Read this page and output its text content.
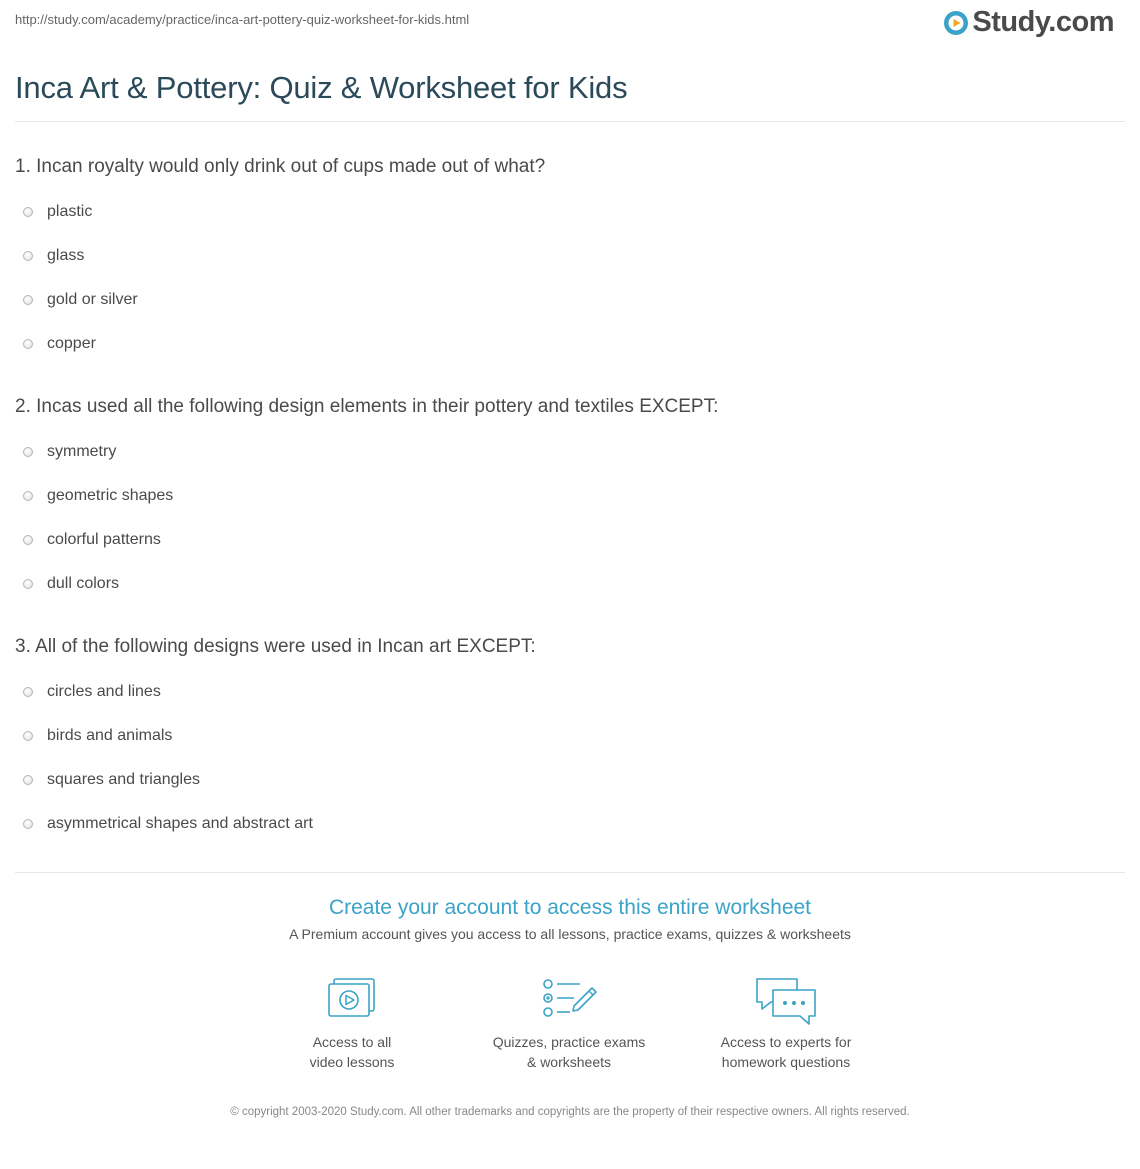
http://study.com/academy/practice/inca-art-pottery-quiz-worksheet-for-kids.html	Study.com
Inca Art & Pottery: Quiz & Worksheet for Kids
1. Incan royalty would only drink out of cups made out of what?
plastic
glass
gold or silver
copper
2. Incas used all the following design elements in their pottery and textiles EXCEPT:
symmetry
geometric shapes
colorful patterns
dull colors
3. All of the following designs were used in Incan art EXCEPT:
circles and lines
birds and animals
squares and triangles
asymmetrical shapes and abstract art
Create your account to access this entire worksheet
A Premium account gives you access to all lessons, practice exams, quizzes & worksheets
Access to all
video lessons
Quizzes, practice exams
& worksheets
Access to experts for
homework questions
© copyright 2003-2020 Study.com. All other trademarks and copyrights are the property of their respective owners. All rights reserved.
